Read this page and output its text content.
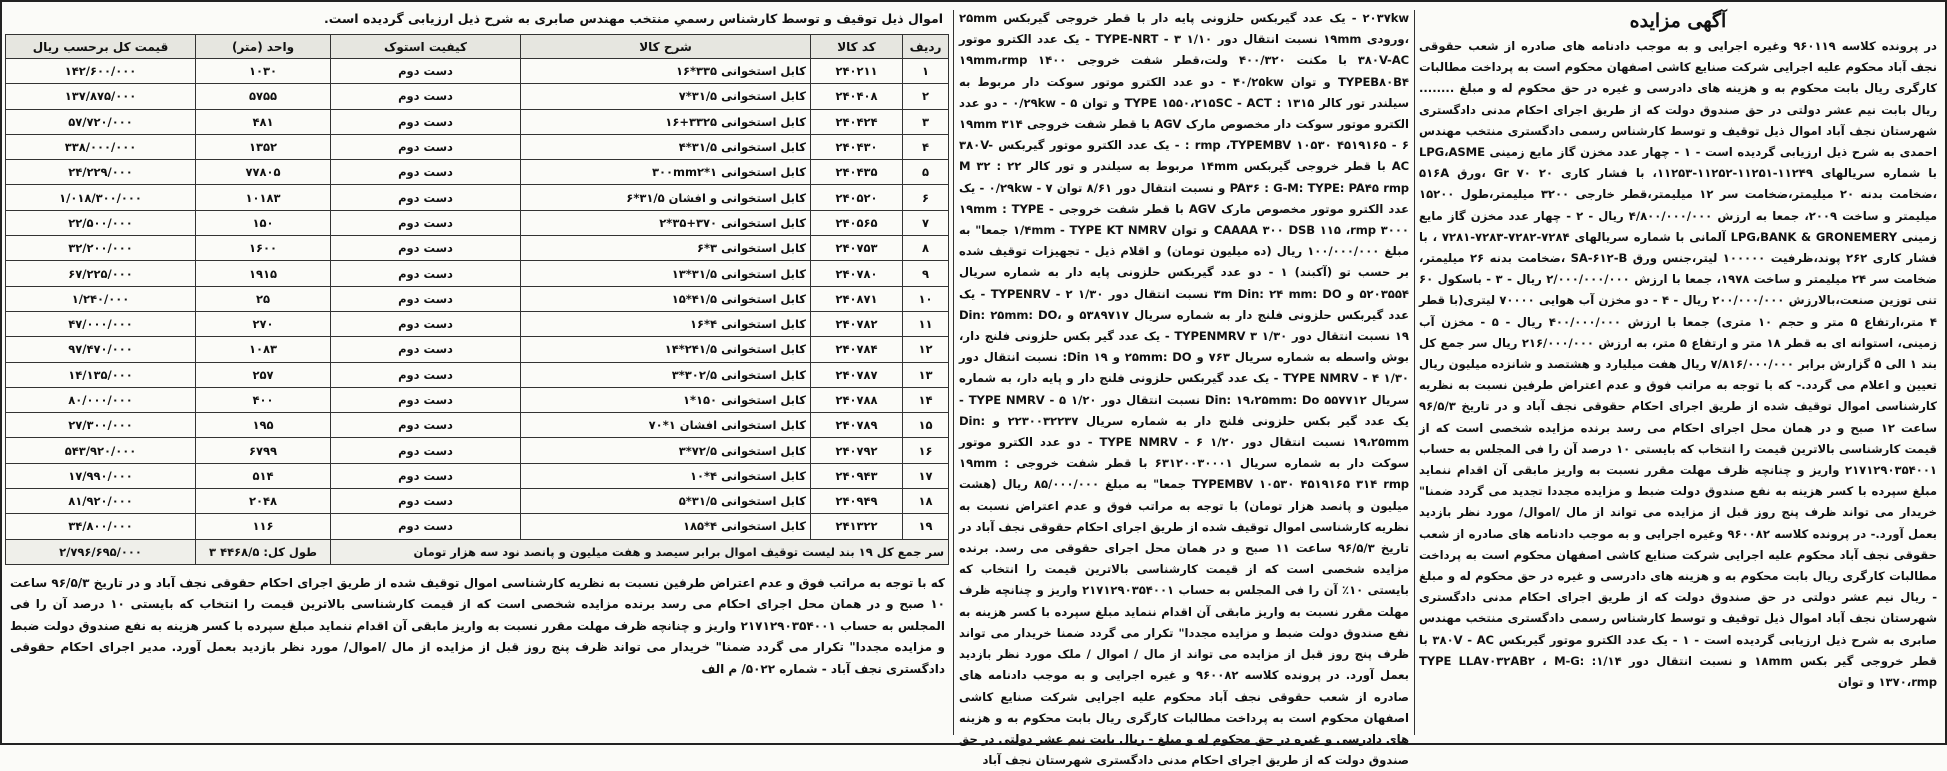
آگهی مزایده

در پرونده کلاسه ۹۶۰۱۱۹ وغیره اجرایی و به موجب دادنامه های صادره از شعب حقوقی نجف آباد محکوم علیه اجرایی شرکت صنایع کاشی اصفهان محکوم است به پرداخت مطالبات کارگری ریال بابت محکوم به و هزینه های دادرسی و غیره در حق محکوم له و مبلغ ........ ریال بابت نیم عشر دولتی در حق صندوق دولت که از طریق اجرای احکام مدنی دادگستری شهرستان نجف آباد اموال ذیل توقیف و توسط کارشناس رسمی دادگستری منتخب مهندس احمدی به شرح ذیل ارزیابی گردیده است - ۱ - چهار عدد مخزن گاز مایع زمینی LPG،ASME با شماره سریالهای ۱۱۲۴۹-۱۱۲۵۱-۱۱۲۵۲-۱۱۲۵۳، با فشار کاری ۲۰ Gr ۷۰ ،ورق ۵۱۶A ،ضخامت بدنه ۲۰ میلیمتر،ضخامت سر ۱۲ میلیمتر،قطر خارجی ۳۲۰۰ میلیمتر،طول ۱۵۲۰۰ میلیمتر و ساخت ۲۰۰۹، جمعا به ارزش ۴/۸۰۰/۰۰۰/۰۰۰ ریال - ۲ - چهار عدد مخزن گاز مایع زمینی LPG،BANK & GRONEMERY آلمانی با شماره سریالهای ۷۲۸۴-۷۲۸۲-۷۲۸۳-۷۲۸۱ ، با فشار کاری ۲۶۲ پوند،ظرفیت ۱۰۰۰۰۰ لیتر،جنس ورق SA-۶۱۲-B ،ضخامت بدنه ۲۶ میلیمتر، ضخامت سر ۲۴ میلیمتر و ساخت ۱۹۷۸، جمعا با ارزش ۲/۰۰۰/۰۰۰/۰۰۰ ریال - ۳ - باسکول ۶۰ تنی توزین صنعت،بالارزش ۲۰۰/۰۰۰/۰۰۰ ریال - ۴ - دو مخزن آب هوایی ۷۰۰۰۰ لیتری(با قطر ۴ متر،ارتفاع ۵ متر و حجم ۱۰ متری) جمعا با ارزش ۴۰۰/۰۰۰/۰۰۰ ریال - ۵ - مخزن آب زمینی، استوانه ای به قطر ۱۸ متر و ارتفاع ۵ متر، به ارزش ۲۱۶/۰۰۰/۰۰۰ ریال سر جمع کل بند ۱ الی ۵ گزارش برابر ۷/۸۱۶/۰۰۰/۰۰۰ ریال هفت میلیارد و هشتصد و شانزده میلیون ریال تعیین و اعلام می گردد.- که با توجه به مراتب فوق و عدم اعتراض طرفین نسبت به نظریه کارشناسی اموال توقیف شده از طریق اجرای احکام حقوقی نجف آباد و در تاریخ ۹۶/۵/۳ ساعت ۱۲ صبح و در همان محل اجرای احکام می رسد برنده مزایده شخصی است که از قیمت کارشناسی بالاترین قیمت را انتخاب که بایستی ۱۰ درصد آن را فی المجلس به حساب ۲۱۷۱۲۹۰۳۵۴۰۰۱ واریز و چنانچه ظرف مهلت مقرر نسبت به واریز مابقی آن اقدام ننماید مبلغ سپرده با کسر هزینه به نفع صندوق دولت ضبط و مزایده مجددا تجدید می گردد ضمنا" خریدار می تواند ظرف پنج روز قبل از مزایده می تواند از مال /اموال/ مورد نظر بازدید بعمل آورد.- در پرونده کلاسه ۹۶۰۰۸۲ وغیره اجرایی و به موجب دادنامه های صادره از شعب حقوقی نجف آباد محکوم علیه اجرایی شرکت صنایع کاشی اصفهان محکوم است به پرداخت مطالبات کارگری ریال بابت محکوم به و هزینه های دادرسی و غیره در حق محکوم له و مبلغ - ریال نیم عشر دولتی در حق صندوق دولت که از طریق اجرای احکام مدنی دادگستری شهرستان نجف آباد اموال ذیل توقیف و توسط کارشناس رسمی دادگستری منتخب مهندس صابری به شرح ذیل ارزیابی گردیده است - ۱ - یک عدد الکترو موتور گیربکس ۳۸۰V - AC با قطر خروجی گیر بکس ۱۸mm و نسبت انتقال دور ۱/۱۴: TYPE LLA۷۰۳۲AB۲ ، M-G: ۱۳۷۰،rmp و توان

۲۰۳۷kw - یک عدد گیربکس حلزونی پایه دار با قطر خروجی گیربکس ۲۵mm ،ورودی ۱۹mm نسبت انتقال دور ۱/۱۰ TYPE-NRT - ۳ - یک عدد الکترو موتور ۳۸۰V-AC با مکنت ۴۰۰/۳۲۰ ولت،قطر شفت خروجی ۱۹mm،rmp ۱۴۰۰ TYPEB۸۰B۴ و توان ۴۰/۲۵kw - دو عدد الکترو موتور سوکت دار مربوط به سیلندر تور کالر ۱۳۱۵ : TYPE ۱۵۵۰،۲۱۵SC - ACT و توان ۰/۲۹kw - ۵ - دو عدد الکترو موتور سوکت دار مخصوص مارک AGV با قطر شفت خروجی ۱۹mm ۳۱۴ : rmp ،TYPEMBV ۱۰۵۳۰ ۴۵۱۹۱۶۵ - ۶ - یک عدد الکترو موتور گیربکس ۳۸۰V-AC با قطر خروجی گیربکس ۱۴mm مربوط به سیلندر و تور کالر ۲۲ : M ۳۲ PA۳۶ : G-M: TYPE: PA۴۵ rmp و نسبت انتقال دور ۸/۶۱ توان ۰/۲۹kw - ۷ - یک عدد الکترو موتور مخصوص مارک AGV با قطر شفت خروجی ۱۹mm : TYPE - CAAAA ۳۰۰ DSB ۱۱۵ ،rmp ۳۰۰۰ و توان ۱/۴mm - TYPE KT NMRV جمعا" به مبلغ ۱۰۰/۰۰۰/۰۰۰ ریال (ده میلیون تومان) و اقلام ذیل - تجهیزات توقیف شده بر حسب تو (آکبند) ۱ - دو عدد گیربکس حلزونی پایه دار به شماره سریال ۵۲۰۳۵۵۴ و ۳m Din: ۲۴ mm: DO نسبت انتقال دور ۱/۳۰ TYPENRV - ۲ - یک عدد گیربکس حلزونی فلنج دار به شماره سریال ۵۳۸۹۷۱۷ و Din: ۲۵mm: DO، ۱۹ نسبت انتقال دور ۱/۳۰ TYPENMRV ۳ - یک عدد گیر بکس حلزونی فلنج دار، بوش واسطه به شماره سریال ۷۶۳ و ۲۵mm: DO و ۱۹ Din: نسبت انتقال دور ۱/۳۰ TYPE NMRV - ۴ - یک عدد گیربکس حلزونی فلنج دار و پایه دار، به شماره سریال ۵۵۷۷۱۲ Din: ۱۹،۲۵mm: Do نسبت انتقال دور ۱/۲۰ TYPE NMRV - ۵ - یک عدد گیر بکس حلزونی فلنج دار به شماره سریال ۲۲۳۰۰۳۲۲۳۷ و Din: ۱۹،۲۵mm نسبت انتقال دور ۱/۲۰ TYPE NMRV - ۶ - دو عدد الکترو موتور سوکت دار به شماره سریال ۶۳۱۲۰۰۳۰۰۰۱ با قطر شفت خروجی ۱۹mm : TYPEMBV ۱۰۵۳۰ ۴۵۱۹۱۶۵ ۳۱۴ rmp جمعا" به مبلغ ۸۵/۰۰۰/۰۰۰ ریال (هشت میلیون و پانصد هزار تومان) با توجه به مراتب فوق و عدم اعتراض نسبت به نظریه کارشناسی اموال توقیف شده از طریق اجرای احکام حقوقی نجف آباد در تاریخ ۹۶/۵/۳ ساعت ۱۱ صبح و در همان محل اجرای حقوقی می رسد. برنده مزایده شخصی است که از قیمت کارشناسی بالاترین قیمت را انتخاب که بایستی ۱۰٪ آن را فی المجلس به حساب ۲۱۷۱۲۹۰۳۵۴۰۰۱ واریز و چنانچه ظرف مهلت مقرر نسبت به واریز مابقی آن اقدام ننماید مبلغ سپرده با کسر هزینه به نفع صندوق دولت ضبط و مزایده مجددا" تکرار می گردد ضمنا خریدار می تواند ظرف پنج روز قبل از مزایده می تواند از مال / اموال / ملک مورد نظر بازدید بعمل آورد. در پرونده کلاسه ۹۶۰۰۸۲ و غیره اجرایی و به موجب دادنامه های صادره از شعب حقوقی نجف آباد محکوم علیه اجرایی شرکت صنایع کاشی اصفهان محکوم است به پرداخت مطالبات کارگری ریال بابت محکوم به و هزینه های دادرسی و غیره در حق محکوم له و مبلغ - ریال بابت نیم عشر دولتی در حق صندوق دولت که از طریق اجرای احکام مدنی دادگستری شهرستان نجف آباد

اموال ذیل توقیف و توسط کارشناس رسمیِ منتخب مهندس صابری به شرح ذیل ارزیابی گردیده است.
ردیف	کد کالا	شرح کالا	کیفیت استوک	واحد (متر)	قیمت کل برحسب ریال
۱	۲۴۰۲۱۱	کابل استخوانی ۳۳۵*۱۶	دست دوم	۱۰۳۰	۱۴۲/۶۰۰/۰۰۰
۲	۲۴۰۴۰۸	کابل استخوانی ۳۱/۵*۷	دست دوم	۵۷۵۵	۱۳۷/۸۷۵/۰۰۰
۳	۲۴۰۴۲۴	کابل استخوانی ۳۳۲۵+۱۶	دست دوم	۴۸۱	۵۷/۷۲۰/۰۰۰
۴	۲۴۰۴۳۰	کابل استخوانی ۳۱/۵*۴	دست دوم	۱۳۵۲	۳۳۸/۰۰۰/۰۰۰
۵	۲۴۰۴۳۵	کابل استخوانی ۱*۳۰۰mm۲	دست دوم	۷۷۸۰۵	۲۴/۲۲۹/۰۰۰
۶	۲۴۰۵۲۰	کابل استخوانی و افشان ۳۱/۵*۶	دست دوم	۱۰۱۸۳	۱/۰۱۸/۳۰۰/۰۰۰
۷	۲۴۰۵۶۵	کابل استخوانی ۳۷۰+۳۵*۲	دست دوم	۱۵۰	۲۲/۵۰۰/۰۰۰
۸	۲۴۰۷۵۳	کابل استخوانی ۳*۶	دست دوم	۱۶۰۰	۳۲/۲۰۰/۰۰۰
۹	۲۴۰۷۸۰	کابل استخوانی ۳۱/۵*۱۳	دست دوم	۱۹۱۵	۶۷/۲۲۵/۰۰۰
۱۰	۲۴۰۸۷۱	کابل استخوانی ۴۱/۵*۱۵	دست دوم	۲۵	۱/۲۴۰/۰۰۰
۱۱	۲۴۰۷۸۲	کابل استخوانی ۴*۱۶	دست دوم	۲۷۰	۴۷/۰۰۰/۰۰۰
۱۲	۲۴۰۷۸۴	کابل استخوانی ۲۴۱/۵*۱۴	دست دوم	۱۰۸۳	۹۷/۴۷۰/۰۰۰
۱۳	۲۴۰۷۸۷	کابل استخوانی ۳۰۲/۵*۳	دست دوم	۲۵۷	۱۴/۱۳۵/۰۰۰
۱۴	۲۴۰۷۸۸	کابل استخوانی ۱۵۰*۱	دست دوم	۴۰۰	۸۰/۰۰۰/۰۰۰
۱۵	۲۴۰۷۸۹	کابل استخوانی افشان ۱*۷۰	دست دوم	۱۹۵	۲۷/۳۰۰/۰۰۰
۱۶	۲۴۰۷۹۲	کابل استخوانی ۷۲/۵*۳	دست دوم	۶۷۹۹	۵۴۳/۹۲۰/۰۰۰
۱۷	۲۴۰۹۴۳	کابل استخوانی ۴*۱۰	دست دوم	۵۱۴	۱۷/۹۹۰/۰۰۰
۱۸	۲۴۰۹۴۹	کابل استخوانی ۳۱/۵*۵	دست دوم	۲۰۴۸	۸۱/۹۲۰/۰۰۰
۱۹	۲۴۱۳۲۲	کابل استخوانی ۴*۱۸۵	دست دوم	۱۱۶	۳۴/۸۰۰/۰۰۰
سر جمع کل ۱۹ بند لیست توقیف اموال برابر سیصد و هفت میلیون و پانصد نود سه هزار تومان				طول کل: ۴۴۶۸/۵ ۳	۲/۷۹۶/۶۹۵/۰۰۰
که با توجه به مراتب فوق و عدم اعتراض طرفین نسبت به نظریه کارشناسی اموال توقیف شده از طریق اجرای احکام حقوقی نجف آباد و در تاریخ ۹۶/۵/۳ ساعت ۱۰ صبح و در همان محل اجرای احکام می رسد برنده مزایده شخصی است که از قیمت کارشناسی بالاترین قیمت را انتخاب که بایستی ۱۰ درصد آن را فی المجلس به حساب ۲۱۷۱۲۹۰۳۵۴۰۰۱ واریز و چنانچه ظرف مهلت مقرر نسبت به واریز مابقی آن اقدام ننماید مبلغ سپرده با کسر هزینه به نفع صندوق دولت ضبط و مزایده مجددا" تکرار می گردد ضمنا" خریدار می تواند ظرف پنج روز قبل از مزایده از مال /اموال/ مورد نظر بازدید بعمل آورد. مدیر اجرای احکام حقوقی دادگستری نجف آباد - شماره ۵۰۲۲/ م الف
